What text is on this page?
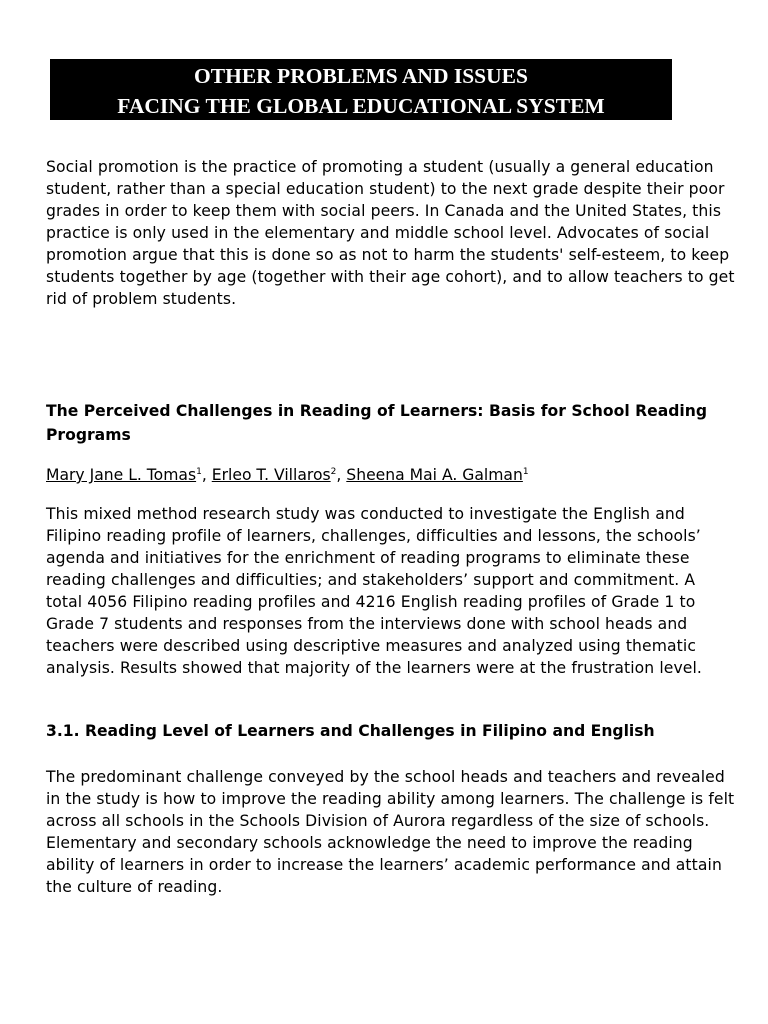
OTHER PROBLEMS AND ISSUES
FACING THE GLOBAL EDUCATIONAL SYSTEM
Social promotion is the practice of promoting a student (usually a general education student, rather than a special education student) to the next grade despite their poor grades in order to keep them with social peers. In Canada and the United States, this practice is only used in the elementary and middle school level. Advocates of social promotion argue that this is done so as not to harm the students' self-esteem, to keep students together by age (together with their age cohort), and to allow teachers to get rid of problem students.
The Perceived Challenges in Reading of Learners: Basis for School Reading Programs
Mary Jane L. Tomas$^1$, Erleo T. Villaros$^2$, Sheena Mai A. Galman$^1$
This mixed method research study was conducted to investigate the English and Filipino reading profile of learners, challenges, difficulties and lessons, the schools’ agenda and initiatives for the enrichment of reading programs to eliminate these reading challenges and difficulties; and stakeholders’ support and commitment. A total 4056 Filipino reading profiles and 4216 English reading profiles of Grade 1 to Grade 7 students and responses from the interviews done with school heads and teachers were described using descriptive measures and analyzed using thematic analysis. Results showed that majority of the learners were at the frustration level.
3.1. Reading Level of Learners and Challenges in Filipino and English
The predominant challenge conveyed by the school heads and teachers and revealed in the study is how to improve the reading ability among learners. The challenge is felt across all schools in the Schools Division of Aurora regardless of the size of schools. Elementary and secondary schools acknowledge the need to improve the reading ability of learners in order to increase the learners’ academic performance and attain the culture of reading.
